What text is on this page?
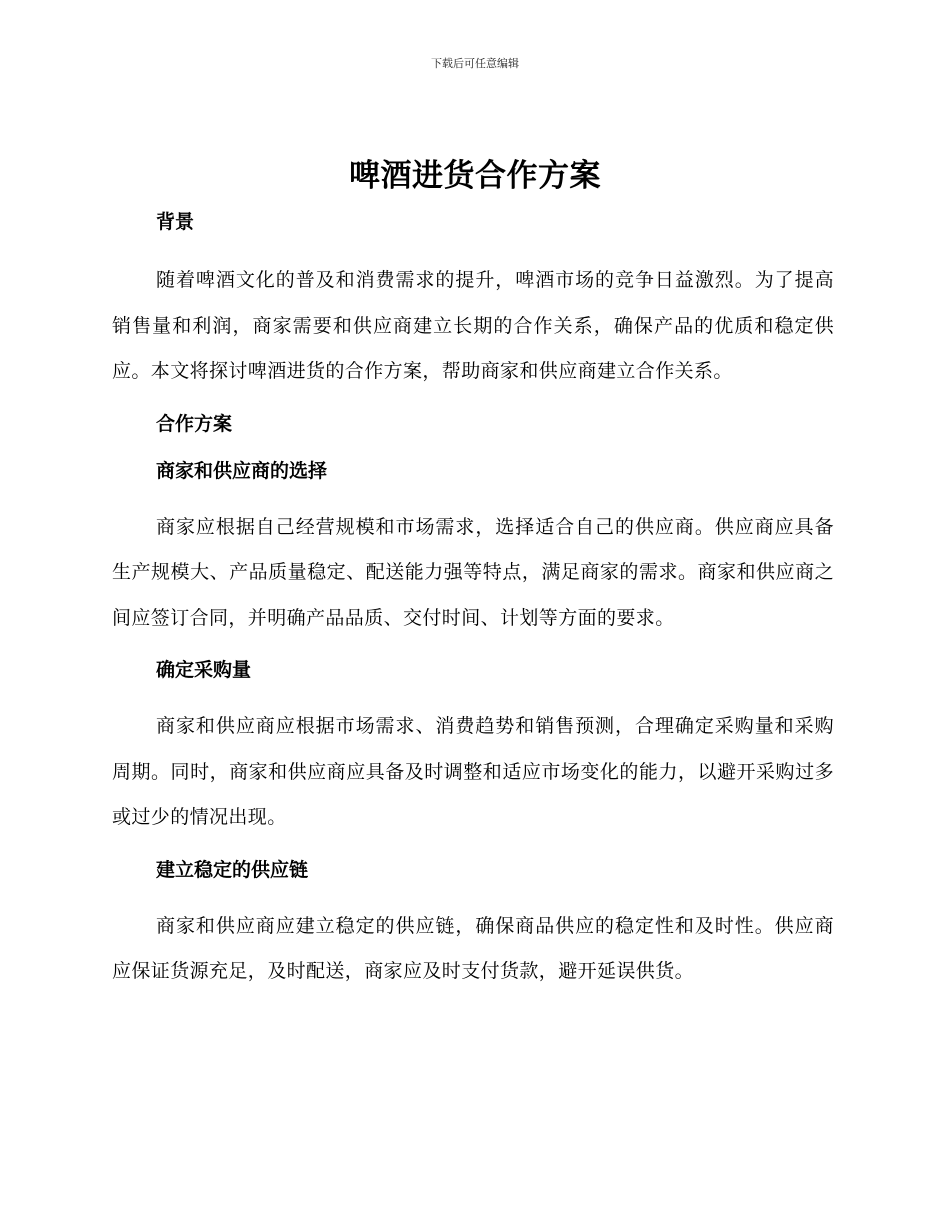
下载后可任意编辑
啤酒进货合作方案
背景

随着啤酒文化的普及和消费需求的提升，啤酒市场的竞争日益激烈。为了提高销售量和利润，商家需要和供应商建立长期的合作关系，确保产品的优质和稳定供应。本文将探讨啤酒进货的合作方案，帮助商家和供应商建立合作关系。

合作方案
商家和供应商的选择

商家应根据自己经营规模和市场需求，选择适合自己的供应商。供应商应具备生产规模大、产品质量稳定、配送能力强等特点，满足商家的需求。商家和供应商之间应签订合同，并明确产品品质、交付时间、计划等方面的要求。

确定采购量

商家和供应商应根据市场需求、消费趋势和销售预测，合理确定采购量和采购周期。同时，商家和供应商应具备及时调整和适应市场变化的能力，以避开采购过多或过少的情况出现。

建立稳定的供应链

商家和供应商应建立稳定的供应链，确保商品供应的稳定性和及时性。供应商应保证货源充足，及时配送，商家应及时支付货款，避开延误供货。
